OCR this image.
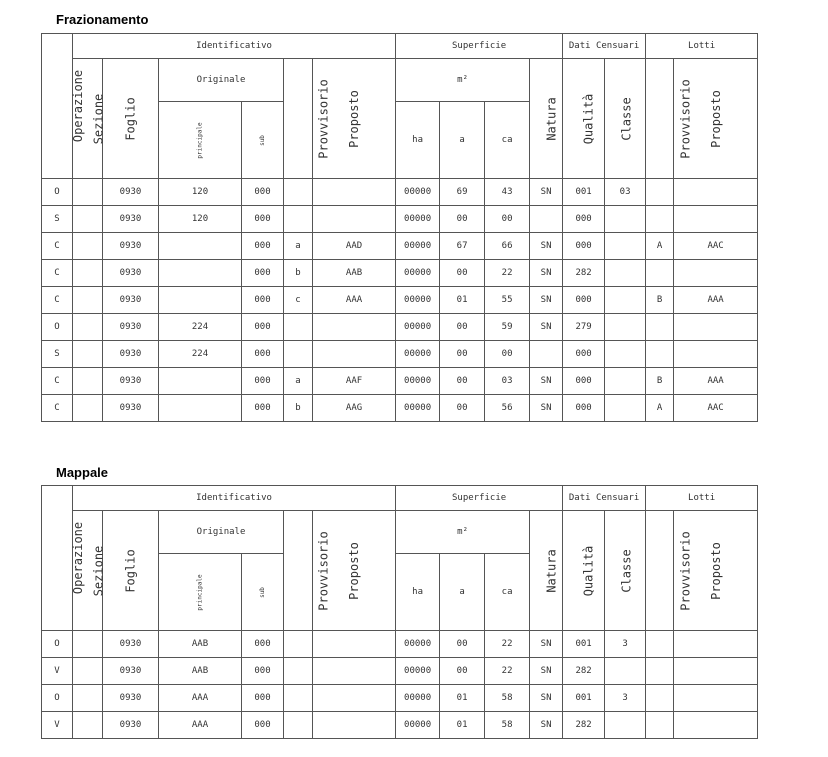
Frazionamento
Operazione	Identificativo						Superficie				Dati Censuari		Lotti	
	Sezione	Foglio	Originale		Provvisorio	Proposto	m²			Natura	Qualità	Classe	Provvisorio	Proposto
			principale	sub										
							ha	a	ca					
O		0930	120	000			00000	69	43	SN	001	03		
S		0930	120	000			00000	00	00		000			
C		0930		000	a	AAD	00000	67	66	SN	000		A	AAC
C		0930		000	b	AAB	00000	00	22	SN	282			
C		0930		000	c	AAA	00000	01	55	SN	000		B	AAA
O		0930	224	000			00000	00	59	SN	279			
S		0930	224	000			00000	00	00		000			
C		0930		000	a	AAF	00000	00	03	SN	000		B	AAA
C		0930		000	b	AAG	00000	00	56	SN	000		A	AAC
Mappale
Operazione	Identificativo						Superficie				Dati Censuari		Lotti	
	Sezione	Foglio	Originale		Provvisorio	Proposto	m²			Natura	Qualità	Classe	Provvisorio	Proposto
			principale	sub										
							ha	a	ca					
O		0930	AAB	000			00000	00	22	SN	001	3		
V		0930	AAB	000			00000	00	22	SN	282			
O		0930	AAA	000			00000	01	58	SN	001	3		
V		0930	AAA	000			00000	01	58	SN	282			
